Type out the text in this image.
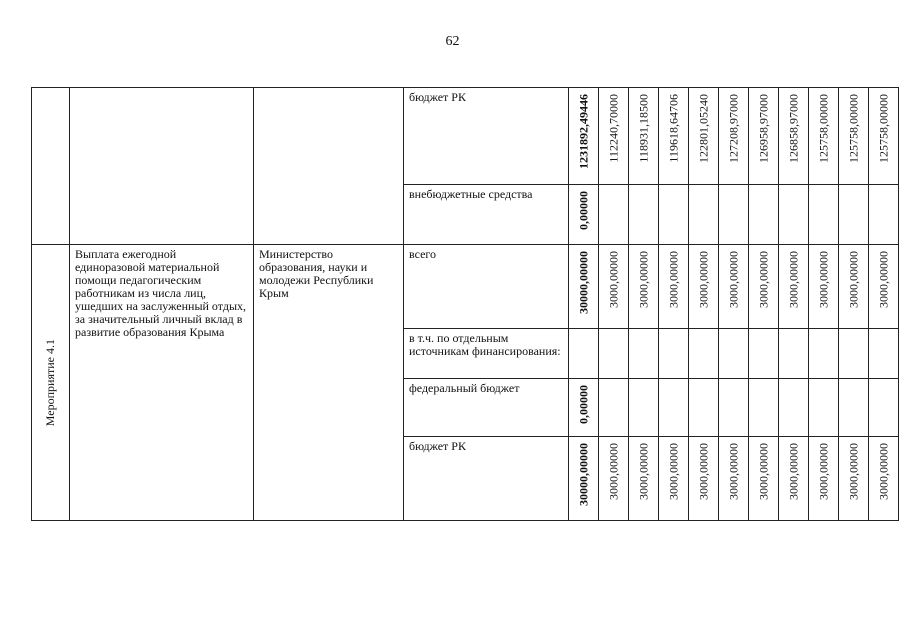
62
			бюджет РК	1231892,49446	112240,70000	118931,18500	119618,64706	122801,05240	127208,97000	126958,97000	126858,97000	125758,00000	125758,00000	125758,00000

			внебюджетные средства	0,00000										

Мероприятие 4.1	Выплата ежегодной единоразовой материальной помощи педагогическим работникам из числа лиц, ушедших на заслуженный отдых, за значительный личный вклад в развитие образования Крыма	Министерство образования, науки и молодежи Республики Крым	всего	30000,00000	3000,00000	3000,00000	3000,00000	3000,00000	3000,00000	3000,00000	3000,00000	3000,00000	3000,00000	3000,00000

			в т.ч. по отдельным источникам финансирования:	

			федеральный бюджет	0,00000										

			бюджет РК	30000,00000	3000,00000	3000,00000	3000,00000	3000,00000	3000,00000	3000,00000	3000,00000	3000,00000	3000,00000	3000,00000
